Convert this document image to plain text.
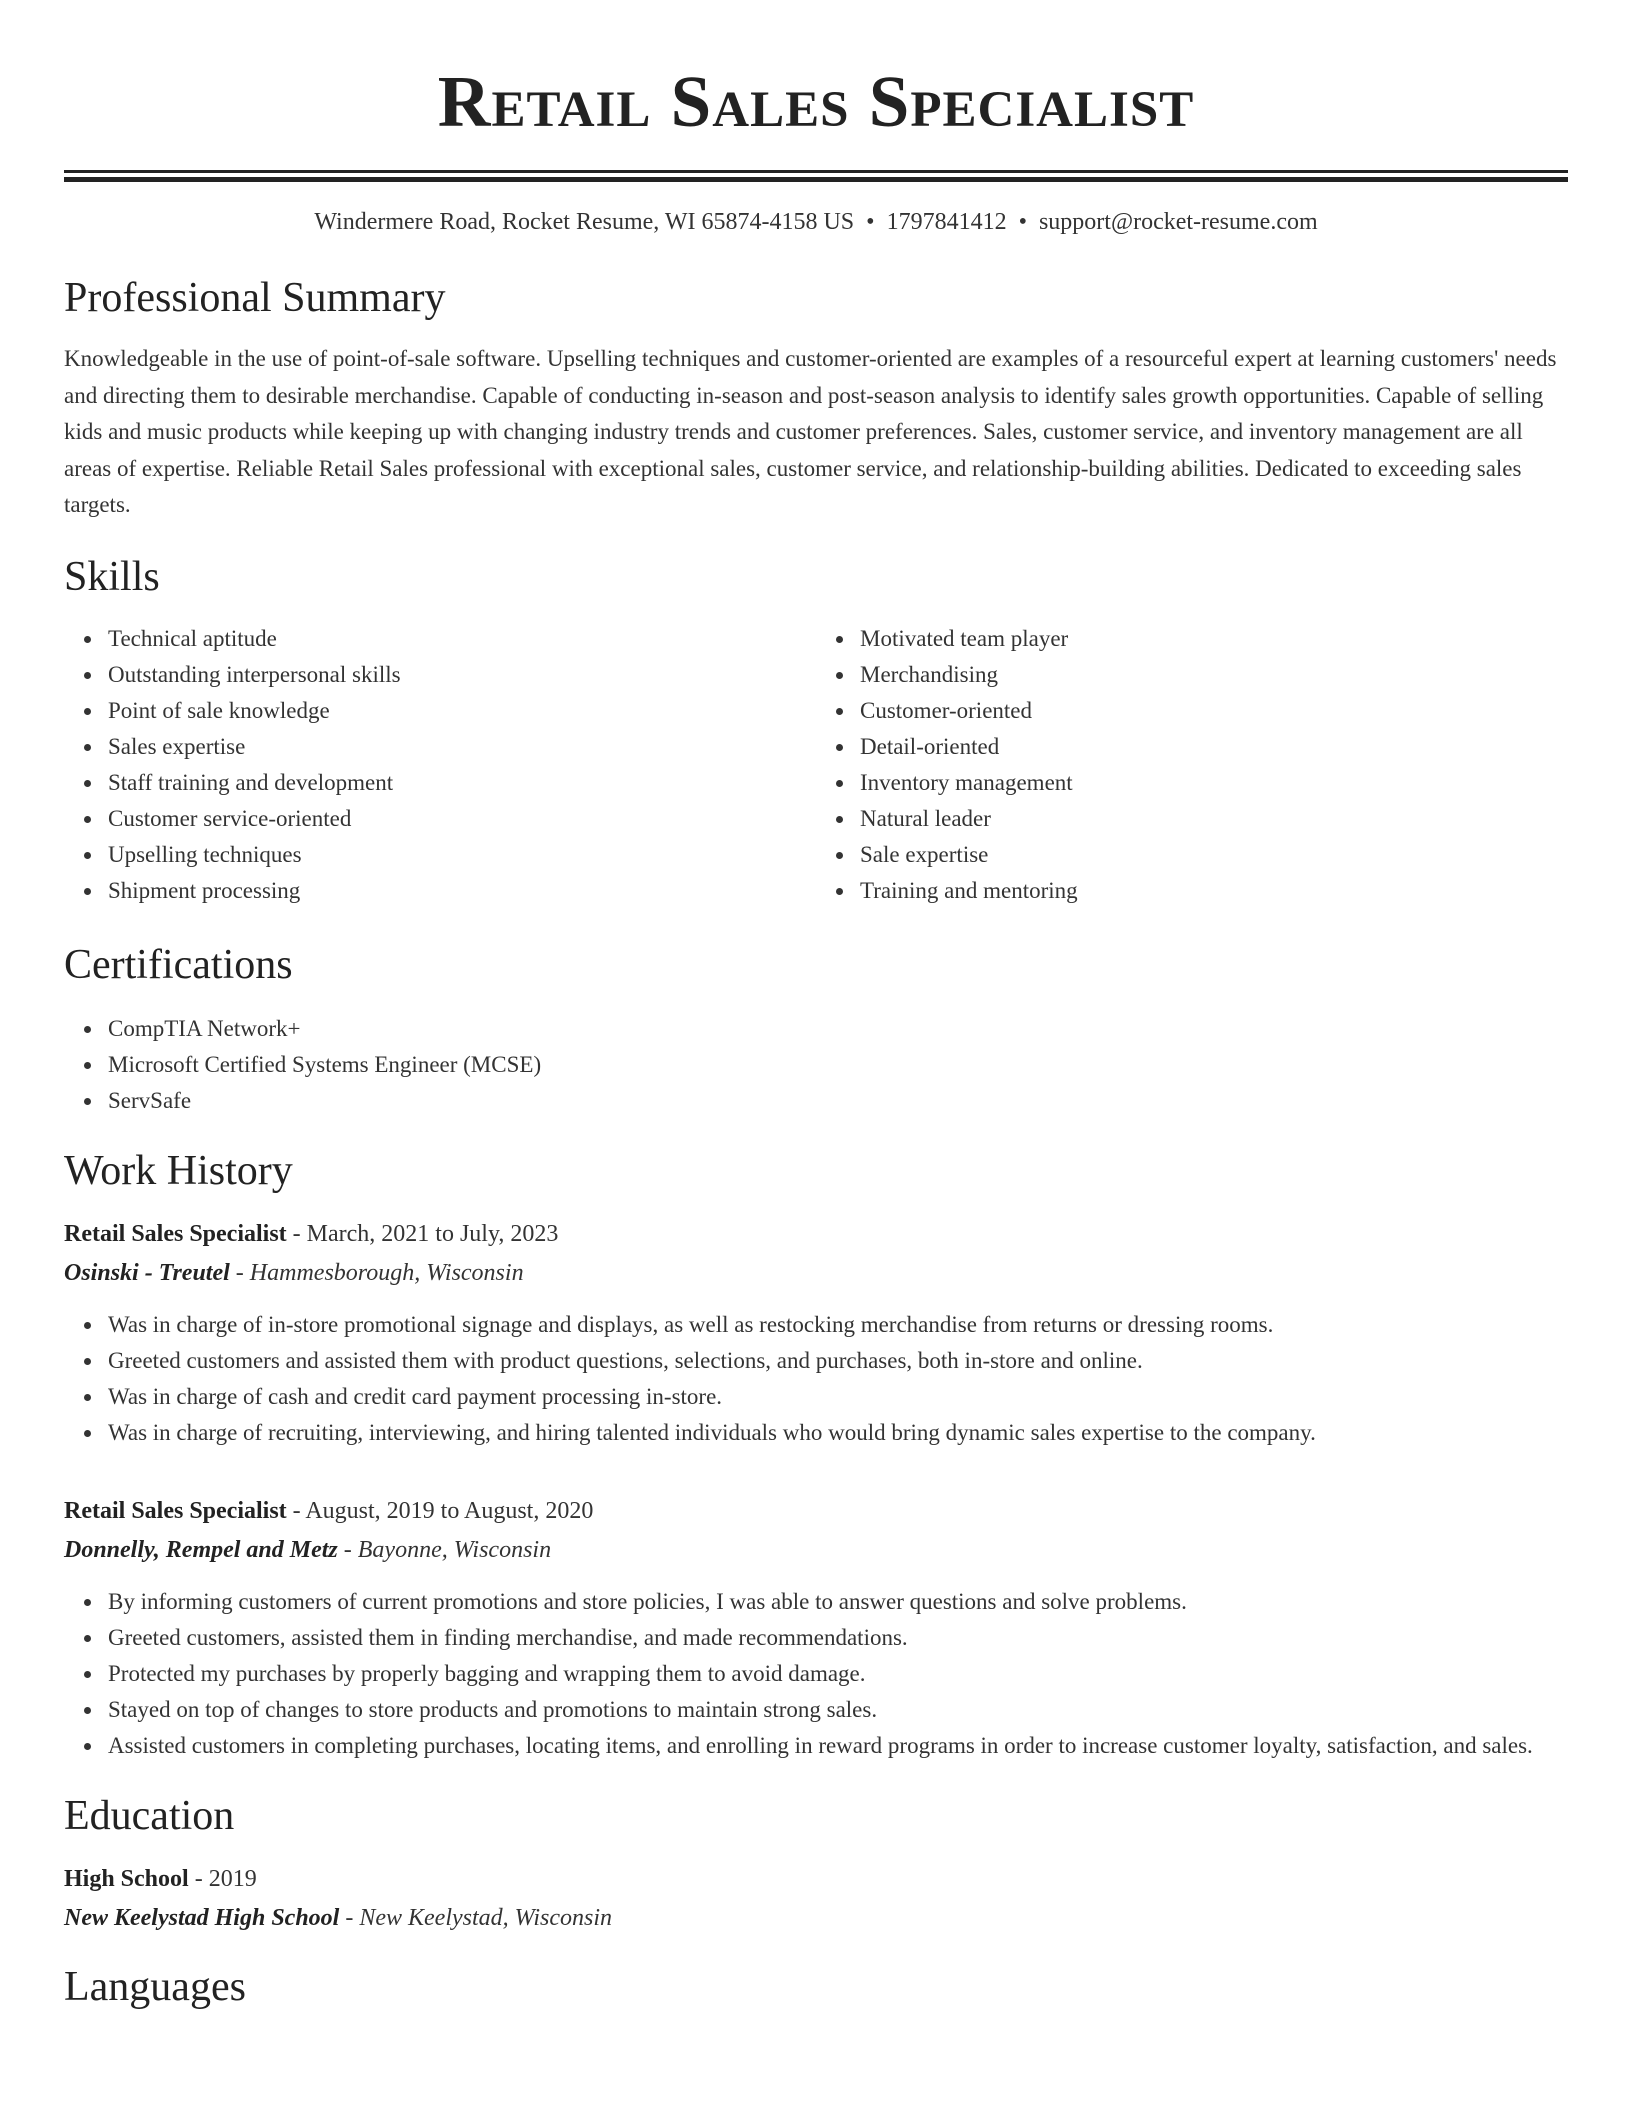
Retail Sales Specialist
Windermere Road, Rocket Resume, WI 65874-4158 US • 1797841412 • support@rocket-resume.com
Professional Summary

Knowledgeable in the use of point-of-sale software. Upselling techniques and customer-oriented are examples of a resourceful expert at learning customers' needs and directing them to desirable merchandise. Capable of conducting in-season and post-season analysis to identify sales growth opportunities. Capable of selling kids and music products while keeping up with changing industry trends and customer preferences. Sales, customer service, and inventory management are all areas of expertise. Reliable Retail Sales professional with exceptional sales, customer service, and relationship-building abilities. Dedicated to exceeding sales targets.

Skills
Technical aptitude
Outstanding interpersonal skills
Point of sale knowledge
Sales expertise
Staff training and development
Customer service-oriented
Upselling techniques
Shipment processing
Motivated team player
Merchandising
Customer-oriented
Detail-oriented
Inventory management
Natural leader
Sale expertise
Training and mentoring
Certifications
CompTIA Network+
Microsoft Certified Systems Engineer (MCSE)
ServSafe
Work History
Retail Sales Specialist - March, 2021 to July, 2023
Osinski - Treutel - Hammesborough, Wisconsin
Was in charge of in-store promotional signage and displays, as well as restocking merchandise from returns or dressing rooms.
Greeted customers and assisted them with product questions, selections, and purchases, both in-store and online.
Was in charge of cash and credit card payment processing in-store.
Was in charge of recruiting, interviewing, and hiring talented individuals who would bring dynamic sales expertise to the company.
Retail Sales Specialist - August, 2019 to August, 2020
Donnelly, Rempel and Metz - Bayonne, Wisconsin
By informing customers of current promotions and store policies, I was able to answer questions and solve problems.
Greeted customers, assisted them in finding merchandise, and made recommendations.
Protected my purchases by properly bagging and wrapping them to avoid damage.
Stayed on top of changes to store products and promotions to maintain strong sales.
Assisted customers in completing purchases, locating items, and enrolling in reward programs in order to increase customer loyalty, satisfaction, and sales.
Education
High School - 2019
New Keelystad High School - New Keelystad, Wisconsin
Languages
